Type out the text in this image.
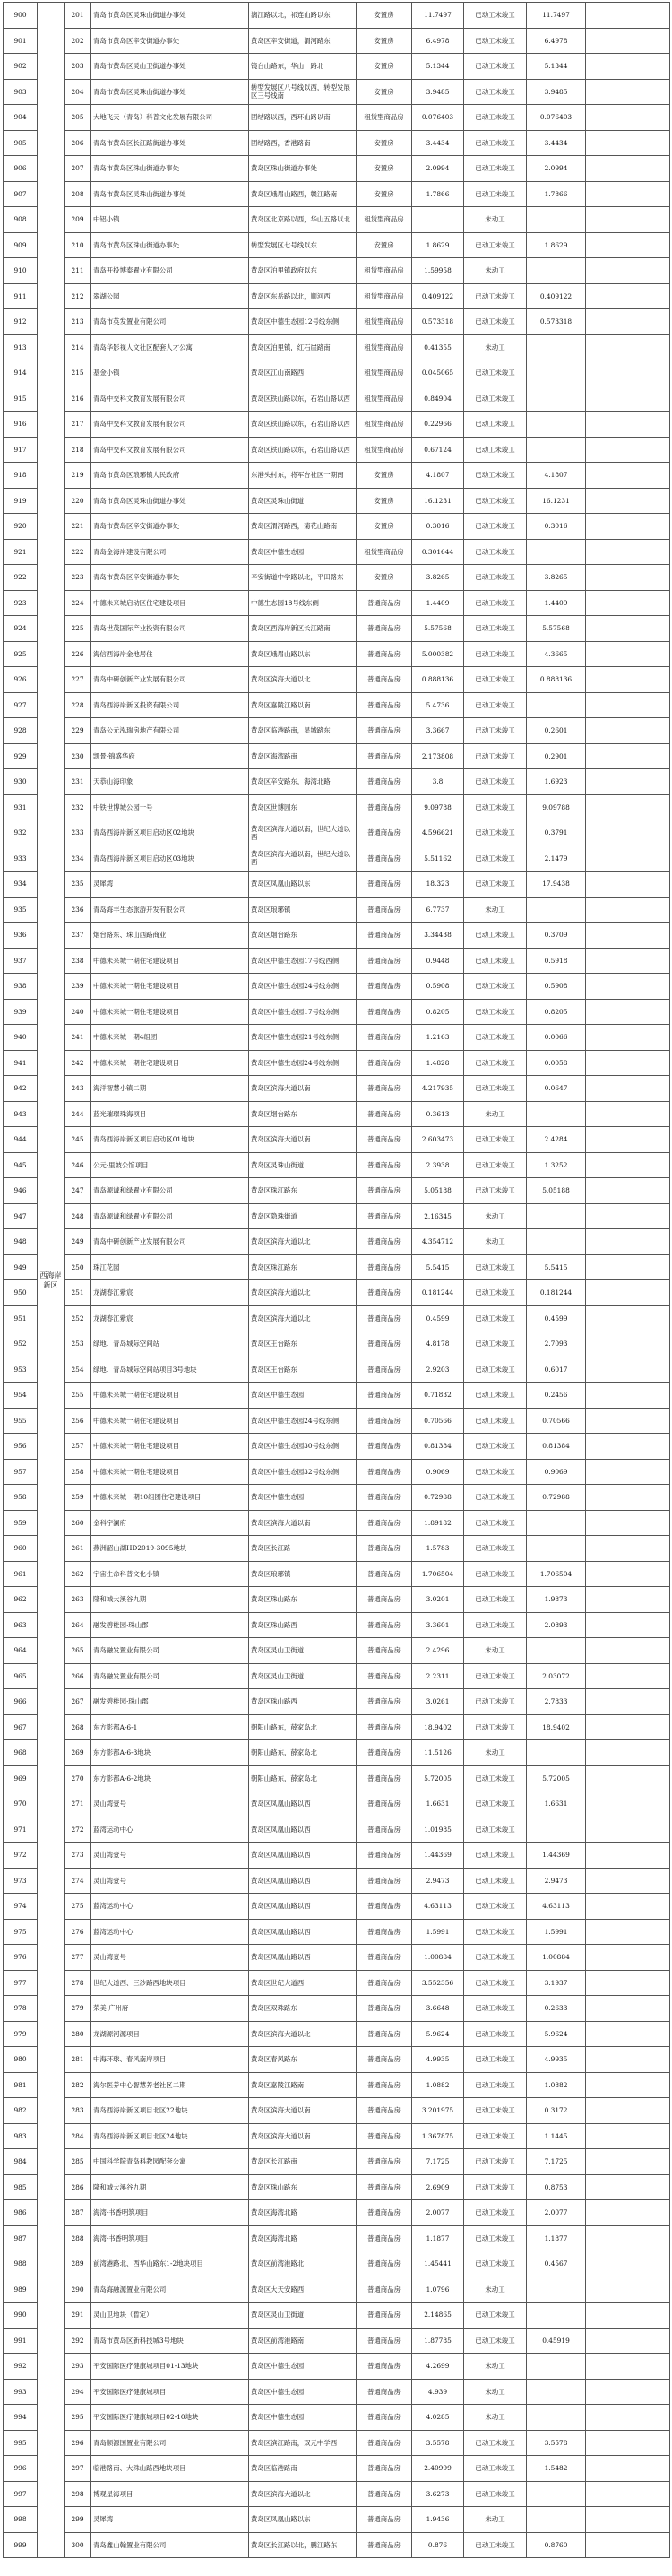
900	西海岸新区	201	青岛市黄岛区灵珠山街道办事处	漓江路以北，祁连山路以东	安置房	11.7497	已动工未竣工	11.7497	
901		202	青岛市黄岛区辛安街道办事处	黄岛区辛安街道，渭河路东	安置房	6.4978	已动工未竣工	6.4978	
902		203	青岛市黄岛区灵山卫街道办事处	镜台山路东，华山一路北	安置房	5.1344	已动工未竣工	5.1344	
903		204	青岛市黄岛区灵珠山街道办事处	转型发展区八号线以西，转型发展区三号线南	安置房	3.9485	已动工未竣工	3.9485	
904		205	大地飞天（青岛）科普文化发展有限公司	团结路以西，西环山路以南	租赁型商品房	0.076403	已动工未竣工	0.076403	
905		206	青岛市黄岛区长江路街道办事处	团结路西，香港路南	安置房	3.4434	已动工未竣工	3.4434	
906		207	青岛市黄岛区珠山街道办事处	黄岛区珠山街道办事处	安置房	2.0994	已动工未竣工	2.0994	
907		208	青岛市黄岛区灵珠山街道办事处	黄岛区峨眉山路西，赣江路南	安置房	1.7866	已动工未竣工	1.7866	
908		209	中铝小镇	黄岛区北京路以西，华山五路以北	租赁型商品房		未动工		
909		210	青岛市黄岛区珠山街道办事处	转型发展区七号线以东	安置房	1.8629	已动工未竣工	1.8629	
910		211	青岛开投博泰置业有限公司	黄岛区泊里镇政府以东	租赁型商品房	1.59958	未动工		
911		212	翠湖公园	黄岛区东岳路以北，顺河西	租赁型商品房	0.409122	已动工未竣工	0.409122	
912		213	青岛市英发置业有限公司	黄岛区中德生态园12号线东侧	租赁型商品房	0.573318	已动工未竣工	0.573318	
913		214	青岛华影视人文社区配套人才公寓	黄岛区泊里镇，红石崖路南	租赁型商品房	0.41355	未动工		
914		215	基金小镇	黄岛区江山南路西	租赁型商品房	0.045065	已动工未竣工		
915		216	青岛中交科文教育发展有限公司	黄岛区铁山路以东，石岩山路以西	租赁型商品房	0.84904	已动工未竣工		
916		217	青岛中交科文教育发展有限公司	黄岛区铁山路以东，石岩山路以西	租赁型商品房	0.22966	已动工未竣工		
917		218	青岛中交科文教育发展有限公司	黄岛区铁山路以东，石岩山路以西	租赁型商品房	0.67124	已动工未竣工		
918		219	青岛市黄岛区琅琊镇人民政府	东港头村东，将军台社区一期南	安置房	4.1807	已动工未竣工	4.1807	
919		220	青岛市黄岛区灵珠山街道办事处	黄岛区灵珠山街道	安置房	16.1231	已动工未竣工	16.1231	
920		221	青岛市黄岛区辛安街道办事处	黄岛区渭河路西，菊花山路南	安置房	0.3016	已动工未竣工	0.3016	
921		222	青岛金海岸建设有限公司	黄岛区中德生态园	租赁型商品房	0.301644	已动工未竣工		
922		223	青岛市黄岛区辛安街道办事处	辛安街道中学路以北，平田路东	安置房	3.8265	已动工未竣工	3.8265	
923		224	中德未来城启动区住宅建设项目	中德生态园18号线东侧	普通商品房	1.4409	已动工未竣工	1.4409	
924		225	青岛世茂国际产业投资有限公司	黄岛区西海岸新区长江路南	普通商品房	5.57568	已动工未竣工	5.57568	
925		226	海信西海岸金地居住	黄岛区峨眉山路以东	普通商品房	5.000382	已动工未竣工	4.3665	
926		227	青岛中研创新产业发展有限公司	黄岛区滨海大道以北	普通商品房	0.888136	已动工未竣工	0.888136	
927		228	青岛西海岸新区投资有限公司	黄岛区嘉陵江路以南	普通商品房	5.4736	已动工未竣工		
928		229	青岛公元泓瑞房地产有限公司	黄岛区临港路南，星城路东	普通商品房	3.3667	已动工未竣工	0.2601	
929		230	凯景·锦盛华府	黄岛区海湾路南	普通商品房	2.173808	已动工未竣工	0.2901	
930		231	天恭山海印象	黄岛区辛安路东，海湾北路	普通商品房	3.8	已动工未竣工	1.6923	
931		232	中铁世博城公园一号	黄岛区世博园东	普通商品房	9.09788	已动工未竣工	9.09788	
932		233	青岛西海岸新区项目启动区02地块	黄岛区滨海大道以南，世纪大道以西	普通商品房	4.596621	已动工未竣工	0.3791	
933		234	青岛西海岸新区项目启动区03地块	黄岛区滨海大道以南，世纪大道以西	普通商品房	5.51162	已动工未竣工	2.1479	
934		235	灵犀湾	黄岛区凤凰山路以东	普通商品房	18.323	已动工未竣工	17.9438	
935		236	青岛海丰生态旅游开发有限公司	黄岛区琅琊镇	普通商品房	6.7737	未动工		
936		237	烟台路东、珠山西路商业	黄岛区烟台路东	普通商品房	3.34438	已动工未竣工	0.3709	
937		238	中德未来城一期住宅建设项目	黄岛区中德生态园17号线西侧	普通商品房	0.9448	已动工未竣工	0.5918	
938		239	中德未来城一期住宅建设项目	黄岛区中德生态园24号线东侧	普通商品房	0.5908	已动工未竣工	0.5908	
939		240	中德未来城一期住宅建设项目	黄岛区中德生态园17号线东侧	普通商品房	0.8205	已动工未竣工	0.8205	
940		241	中德未来城一期4组团	黄岛区中德生态园21号线东侧	普通商品房	1.2163	已动工未竣工	0.0066	
941		242	中德未来城一期住宅建设项目	黄岛区中德生态园24号线东侧	普通商品房	1.4828	已动工未竣工	0.0058	
942		243	海洋智慧小镇二期	黄岛区滨海大道以南	普通商品房	4.217935	已动工未竣工	0.0647	
943		244	蓝光璀璨珠海项目	黄岛区烟台路东	普通商品房	0.3613	未动工		
944		245	青岛西海岸新区项目启动区01地块	黄岛区滨海大道以南	普通商品房	2.603473	已动工未竣工	2.4284	
945		246	公元·里坡公馆项目	黄岛区灵珠山街道	普通商品房	2.3938	已动工未竣工	1.3252	
946		247	青岛源诚和绿置业有限公司	黄岛区珠江路东	普通商品房	5.05188	已动工未竣工	5.05188	
947		248	青岛源诚和绿置业有限公司	黄岛区隐珠街道	普通商品房	2.16345	未动工		
948		249	青岛中研创新产业发展有限公司	黄岛区滨海大道以北	普通商品房	4.354712	未动工		
949		250	珠江花园	黄岛区珠江路东	普通商品房	5.5415	已动工未竣工	5.5415	
950		251	龙湖春江紫宸	黄岛区滨海大道以北	普通商品房	0.181244	已动工未竣工	0.181244	
951		252	龙湖春江紫宸	黄岛区滨海大道以北	普通商品房	0.4599	已动工未竣工	0.4599	
952		253	绿地、青岛城际空间站	黄岛区王台路东	普通商品房	4.8178	已动工未竣工	2.7093	
953		254	绿地、青岛城际空间站项目3号地块	黄岛区王台路东	普通商品房	2.9203	已动工未竣工	0.6017	
954		255	中德未来城一期住宅建设项目	黄岛区中德生态园	普通商品房	0.71832	已动工未竣工	0.2456	
955		256	中德未来城一期住宅建设项目	黄岛区中德生态园24号线东侧	普通商品房	0.70566	已动工未竣工	0.70566	
956		257	中德未来城一期住宅建设项目	黄岛区中德生态园30号线东侧	普通商品房	0.81384	已动工未竣工	0.81384	
957		258	中德未来城一期住宅建设项目	黄岛区中德生态园32号线东侧	普通商品房	0.9069	已动工未竣工	0.9069	
958		259	中德未来城一期10组团住宅建设项目	黄岛区中德生态园	普通商品房	0.72988	已动工未竣工	0.72988	
959		260	金科宇澜府	黄岛区滨海大道以南	普通商品房	1.89182	已动工未竣工		
960		261	燕洲韶山湖HD2019-3095地块	黄岛区长江路	普通商品房	1.5783	已动工未竣工		
961		262	宇宙生命科普文化小镇	黄岛区琅琊镇	普通商品房	1.706504	已动工未竣工	1.706504	
962		263	隆和城大溪谷九期	黄岛区珠山路东	普通商品房	3.0201	已动工未竣工	1.9873	
963		264	融发碧桂园·珠山郡	黄岛区珠山路西	普通商品房	3.3601	已动工未竣工	2.0893	
964		265	青岛融发置业有限公司	黄岛区灵山卫街道	普通商品房	2.4296	未动工		
965		266	青岛融发置业有限公司	黄岛区灵山卫街道	普通商品房	2.2311	已动工未竣工	2.03072	
966		267	融发碧桂园·珠山郡	黄岛区珠山路西	普通商品房	3.0261	已动工未竣工	2.7833	
967		268	东方影都A-6-1	朝阳山路东，薛家岛北	普通商品房	18.9402	已动工未竣工	18.9402	
968		269	东方影都A-6-3地块	朝阳山路东，薛家岛北	普通商品房	11.5126	未动工		
969		270	东方影都A-6-2地块	朝阳山路东，薛家岛北	普通商品房	5.72005	已动工未竣工	5.72005	
970		271	灵山湾壹号	黄岛区凤凰山路以西	普通商品房	1.6631	已动工未竣工	1.6631	
971		272	蓝湾运动中心	黄岛区凤凰山路以西	普通商品房	1.01985	已动工未竣工		
972		273	灵山湾壹号	黄岛区凤凰山路以西	普通商品房	1.44369	已动工未竣工	1.44369	
973		274	灵山湾壹号	黄岛区凤凰山路以西	普通商品房	2.9473	已动工未竣工	2.9473	
974		275	蓝湾运动中心	黄岛区凤凰山路以西	普通商品房	4.63113	已动工未竣工	4.63113	
975		276	蓝湾运动中心	黄岛区凤凰山路以西	普通商品房	1.5991	已动工未竣工	1.5991	
976		277	灵山湾壹号	黄岛区凤凰山路以西	普通商品房	1.00884	已动工未竣工	1.00884	
977		278	世纪大道西、三沙路西地块项目	黄岛区世纪大道西	普通商品房	3.552356	已动工未竣工	3.1937	
978		279	荣美·广州府	黄岛区双珠路东	普通商品房	3.6648	已动工未竣工	0.2633	
979		280	龙湖源河源项目	黄岛区滨海大道以北	普通商品房	5.9624	已动工未竣工	5.9624	
980		281	中海环球、春风南岸项目	黄岛区春风路东	普通商品房	4.9935	已动工未竣工	4.9935	
981		282	海尔医养中心智慧养老社区二期	黄岛区嘉陵江路南	普通商品房	1.0882	已动工未竣工	1.0882	
982		283	青岛西海岸新区项目北区22地块	黄岛区滨海大道以南	普通商品房	3.201975	已动工未竣工	0.3172	
983		284	青岛西海岸新区项目北区24地块	黄岛区滨海大道以南	普通商品房	1.367875	已动工未竣工	1.1445	
984		285	中国科学院青岛科教园配套公寓	黄岛区长江路南	普通商品房	7.1725	已动工未竣工	7.1725	
985		286	隆和城大溪谷九期	黄岛区珠山路东	普通商品房	2.6909	已动工未竣工	0.8753	
986		287	海湾·书香明筑项目	黄岛区海湾北路	普通商品房	2.0077	已动工未竣工	2.0077	
987		288	海湾·书香明筑项目	黄岛区海湾北路	普通商品房	1.1877	已动工未竣工	1.1877	
988		289	前湾港路北、西华山路东1-2地块项目	黄岛区前湾港路北	普通商品房	1.45441	已动工未竣工	0.4567	
989		290	青岛海融源置业有限公司	黄岛区大天安路西	普通商品房	1.0796	未动工		
990		291	灵山卫地块（暂定）	黄岛区灵山卫街道	普通商品房	2.14865	已动工未竣工		
991		292	青岛市黄岛区新科技城3号地块	黄岛区前湾港路南	普通商品房	1.87785	已动工未竣工	0.45919	
992		293	平安国际医疗健康城项目01-13地块	黄岛区中德生态园	普通商品房	4.2699	未动工		
993		294	平安国际医疗健康城项目	黄岛区中德生态园	普通商品房	4.939	未动工		
994		295	平安国际医疗健康城项目02-10地块	黄岛区中德生态园	普通商品房	4.0285	未动工		
995		296	青岛顺源国置业有限公司	黄岛区滨江路南，双元中学西	普通商品房	3.5578	已动工未竣工	3.5578	
996		297	临港路南、大珠山路西地块项目	黄岛区临港路南	普通商品房	2.40999	已动工未竣工	1.5482	
997		298	博观星海项目	黄岛区滨海大道以北	普通商品房	3.6273	已动工未竣工		
998		299	灵犀湾	黄岛区凤凰山路以东	普通商品房	1.9436	未动工		
999		300	青岛鑫山翰置业有限公司	黄岛区长江路以北，鹏江路东	普通商品房	0.876	已动工未竣工	0.8760	
